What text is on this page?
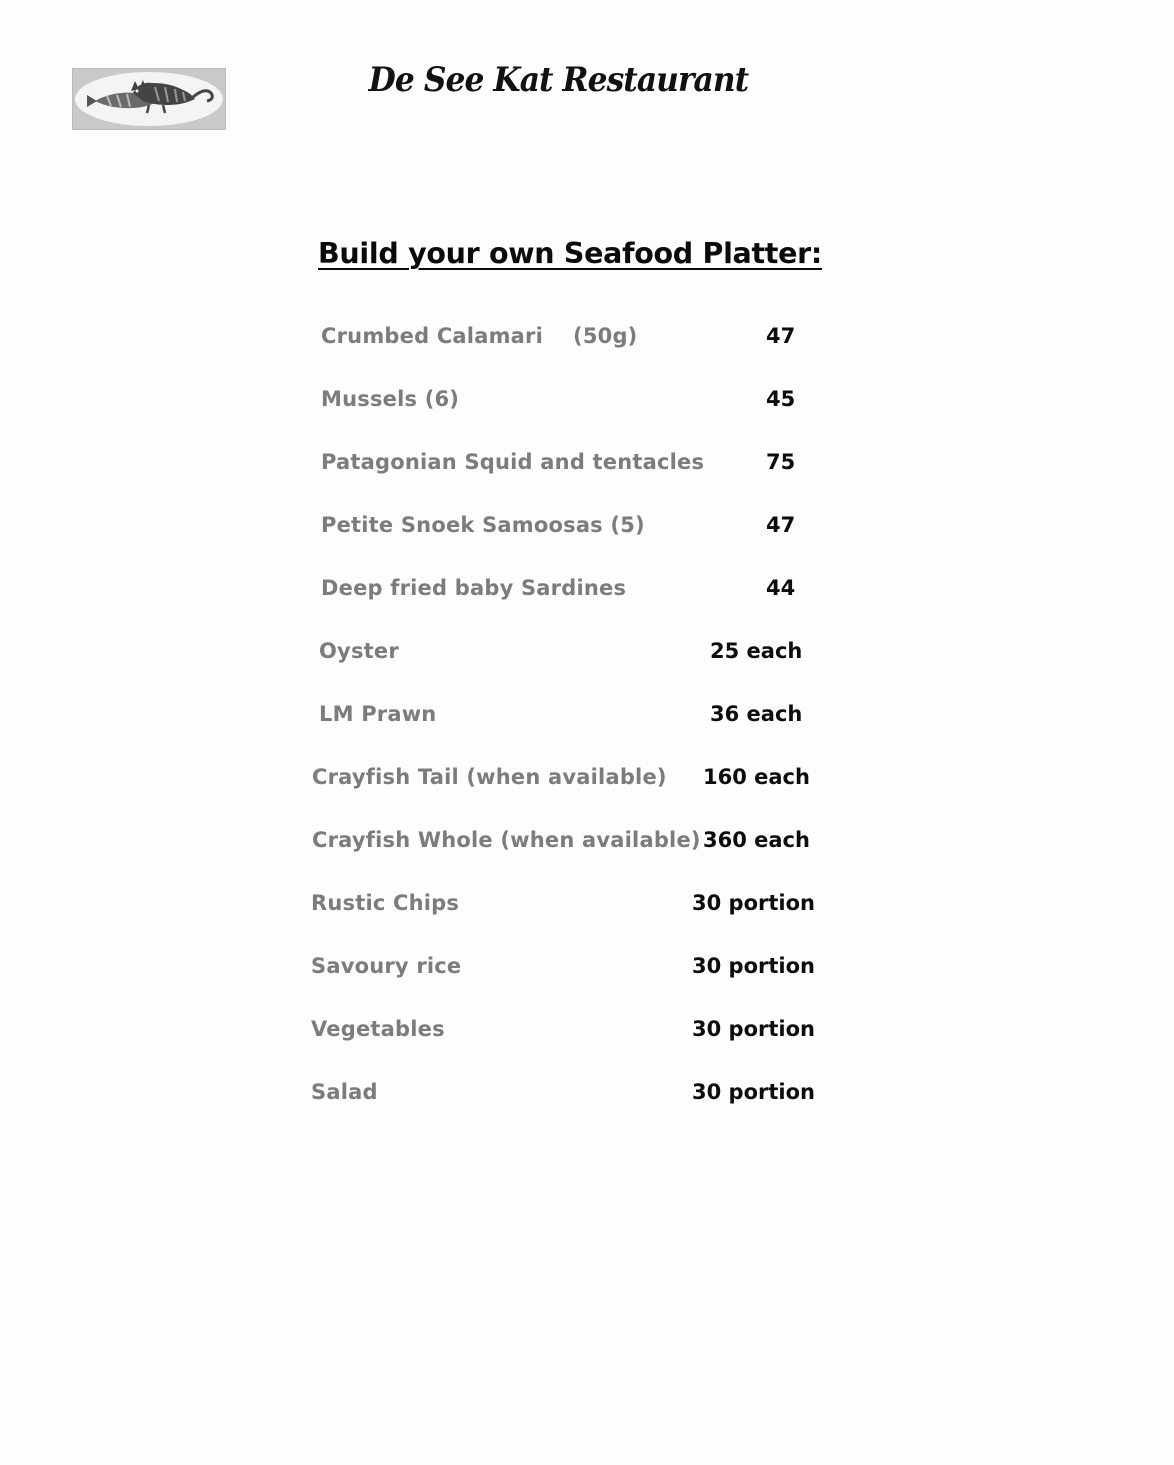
De See Kat Restaurant
Build your own Seafood Platter:
Crumbed Calamari    (50g)	47
Mussels (6)	45
Patagonian Squid and tentacles	75
Petite Snoek Samoosas (5)	47
Deep fried baby Sardines	44
Oyster	25 each
LM Prawn	36 each
Crayfish Tail (when available) 160 each
Crayfish Whole (when available) 360 each
Rustic Chips	30 portion
Savoury rice	30 portion
Vegetables	30 portion
Salad	30 portion
